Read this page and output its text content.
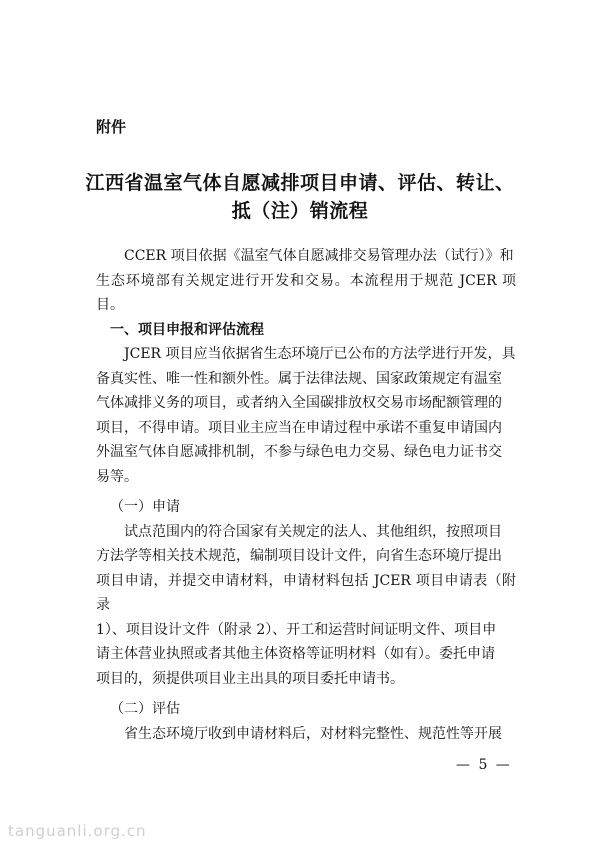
附件
江西省温室气体自愿减排项目申请、评估、转让、
抵（注）销流程

CCER 项目依据《温室气体自愿减排交易管理办法（试行）》和

生态环境部有关规定进行开发和交易。本流程用于规范 JCER 项目。

一、项目申报和评估流程

JCER 项目应当依据省生态环境厅已公布的方法学进行开发，具

备真实性、唯一性和额外性。属于法律法规、国家政策规定有温室

气体减排义务的项目，或者纳入全国碳排放权交易市场配额管理的

项目，不得申请。项目业主应当在申请过程中承诺不重复申请国内

外温室气体自愿减排机制，不参与绿色电力交易、绿色电力证书交

易等。

（一）申请

试点范围内的符合国家有关规定的法人、其他组织，按照项目

方法学等相关技术规范，编制项目设计文件，向省生态环境厅提出

项目申请，并提交申请材料，申请材料包括 JCER 项目申请表（附录

1）、项目设计文件（附录 2）、开工和运营时间证明文件、项目申

请主体营业执照或者其他主体资格等证明材料（如有）。委托申请

项目的，须提供项目业主出具的项目委托申请书。

（二）评估

省生态环境厅收到申请材料后，对材料完整性、规范性等开展

— 5 —
tanguanli.org.cn
